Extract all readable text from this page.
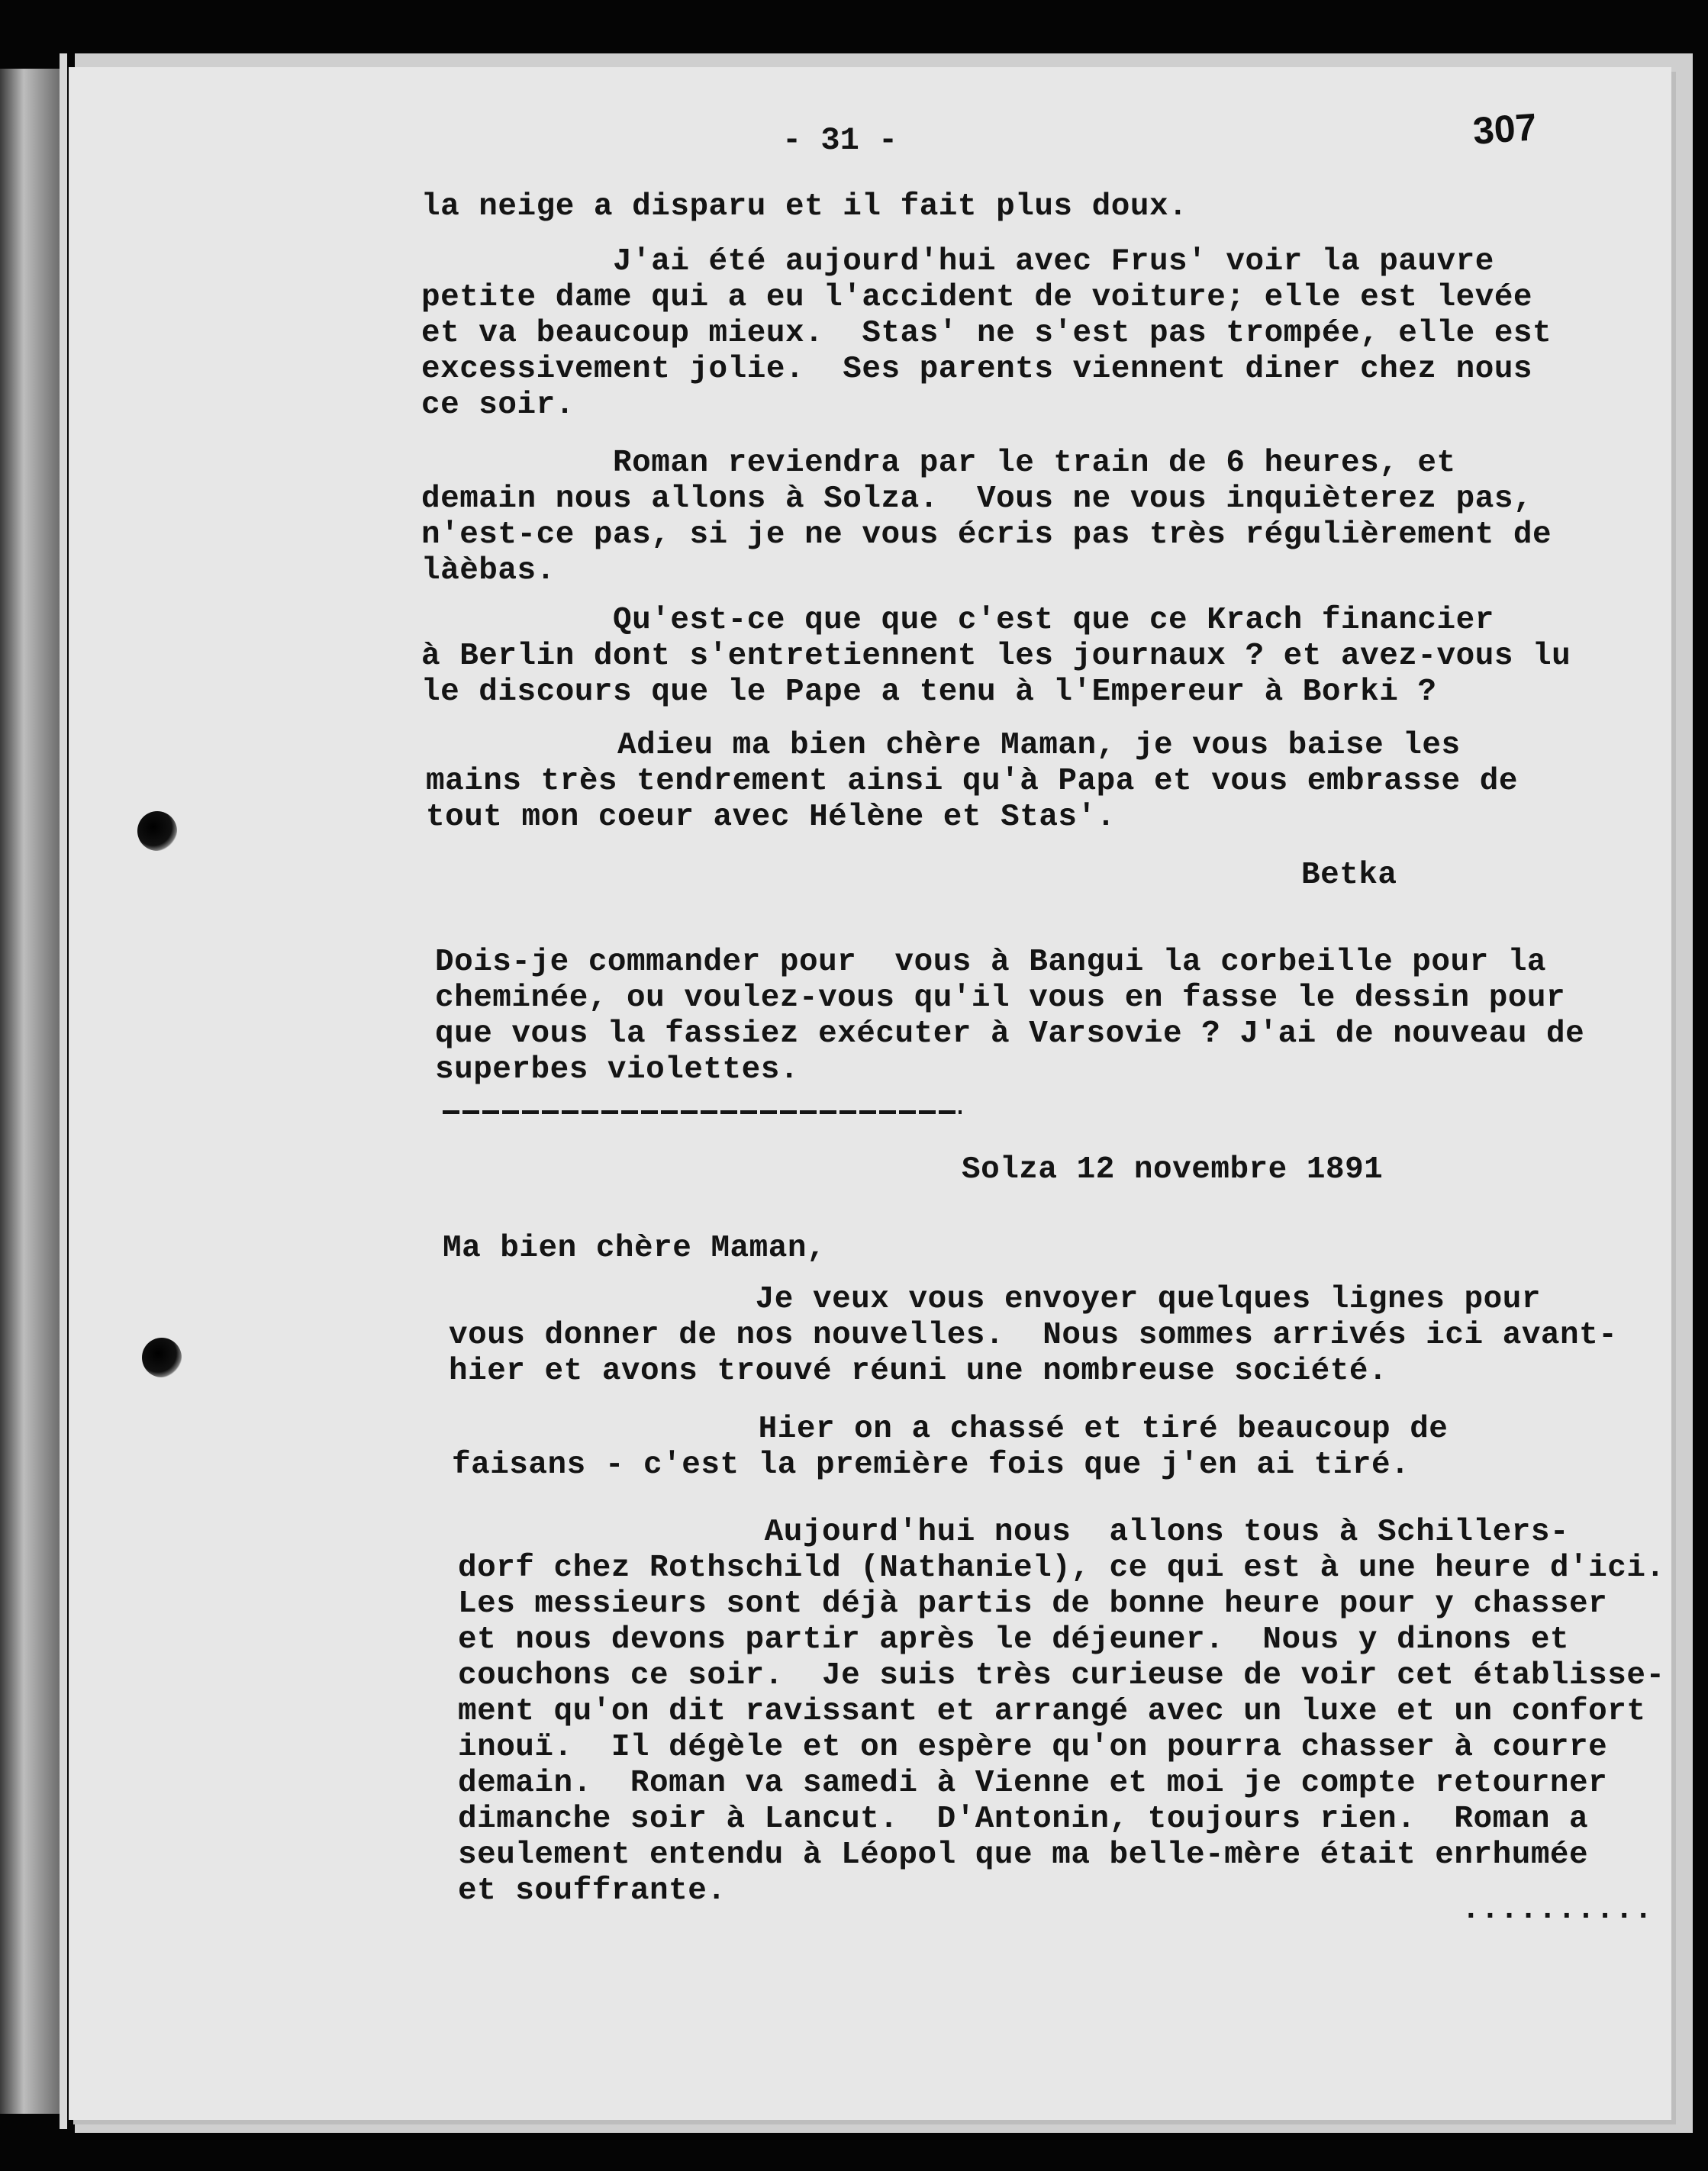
- 31 -	307
la neige a disparu et il fait plus doux.
J'ai été aujourd'hui avec Frus' voir la pauvre
petite dame qui a eu l'accident de voiture; elle est levée
et va beaucoup mieux.  Stas' ne s'est pas trompée, elle est
excessivement jolie.  Ses parents viennent diner chez nous
ce soir.
Roman reviendra par le train de 6 heures, et
demain nous allons à Solza.  Vous ne vous inquièterez pas,
n'est-ce pas, si je ne vous écris pas très régulièrement de
làèbas.
Qu'est-ce que que c'est que ce Krach financier
à Berlin dont s'entretiennent les journaux ? et avez-vous lu
le discours que le Pape a tenu à l'Empereur à Borki ?
Adieu ma bien chère Maman, je vous baise les
mains très tendrement ainsi qu'à Papa et vous embrasse de
tout mon coeur avec Hélène et Stas'.
Betka
Dois-je commander pour  vous à Bangui la corbeille pour la
cheminée, ou voulez-vous qu'il vous en fasse le dessin pour
que vous la fassiez exécuter à Varsovie ? J'ai de nouveau de
superbes violettes.
Solza 12 novembre 1891
Ma bien chère Maman,
Je veux vous envoyer quelques lignes pour
vous donner de nos nouvelles.  Nous sommes arrivés ici avant-
hier et avons trouvé réuni une nombreuse société.
Hier on a chassé et tiré beaucoup de
faisans - c'est la première fois que j'en ai tiré.
Aujourd'hui nous  allons tous à Schillers-
dorf chez Rothschild (Nathaniel), ce qui est à une heure d'ici.
Les messieurs sont déjà partis de bonne heure pour y chasser
et nous devons partir après le déjeuner.  Nous y dinons et
couchons ce soir.  Je suis très curieuse de voir cet établisse-
ment qu'on dit ravissant et arrangé avec un luxe et un confort
inouï.  Il dégèle et on espère qu'on pourra chasser à courre
demain.  Roman va samedi à Vienne et moi je compte retourner
dimanche soir à Lancut.  D'Antonin, toujours rien.  Roman a
seulement entendu à Léopol que ma belle-mère était enrhumée
et souffrante.
..........
